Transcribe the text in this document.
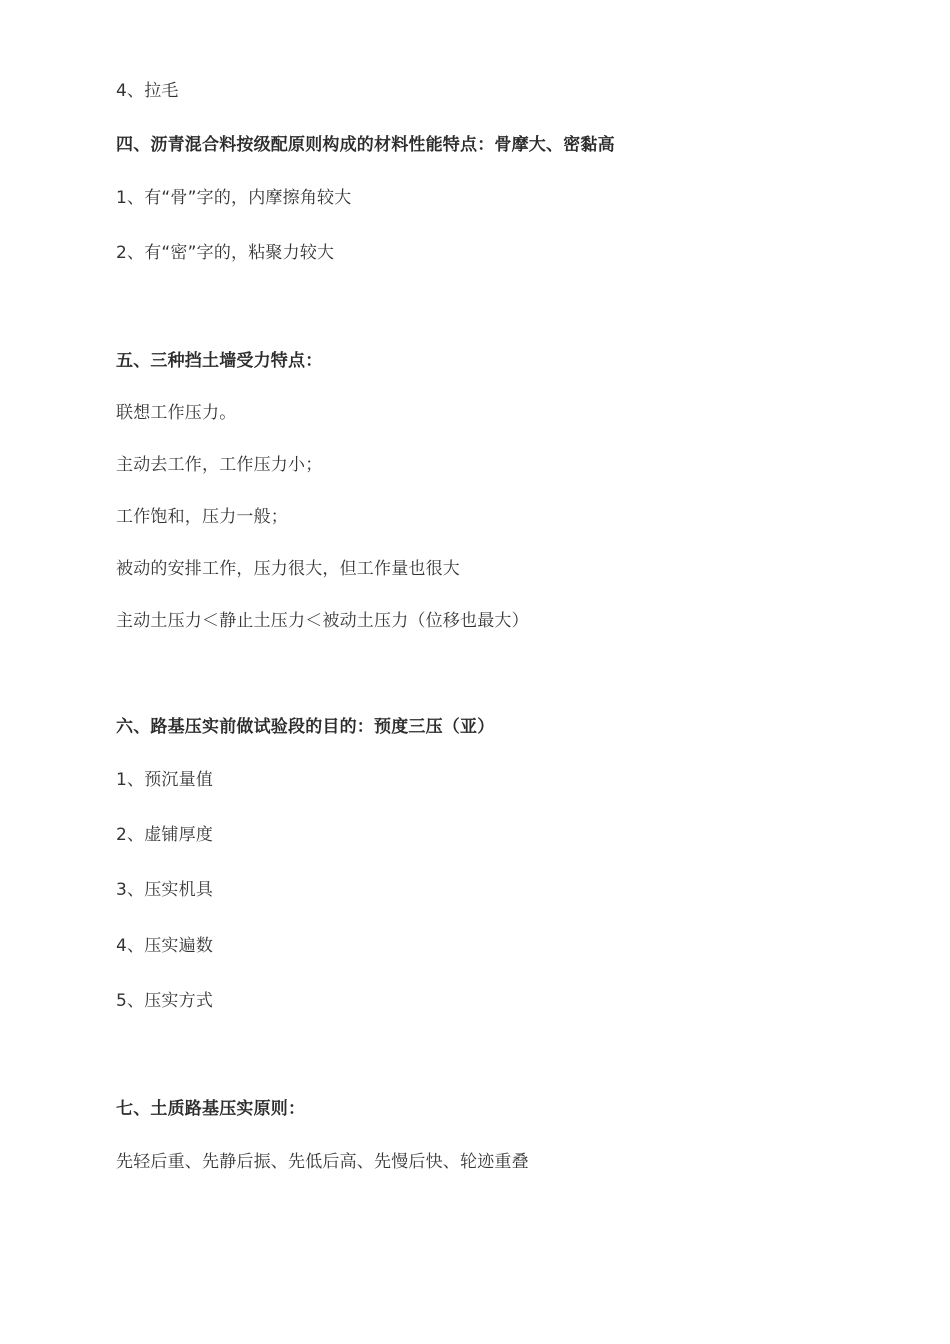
4、拉毛
四、沥青混合料按级配原则构成的材料性能特点：骨摩大、密黏高
1、有“骨”字的，内摩擦角较大
2、有“密”字的，粘聚力较大
五、三种挡土墙受力特点：
联想工作压力。
主动去工作，工作压力小；
工作饱和，压力一般；
被动的安排工作，压力很大，但工作量也很大
主动土压力＜静止土压力＜被动土压力（位移也最大）
六、路基压实前做试验段的目的：预度三压（亚）
1、预沉量值
2、虚铺厚度
3、压实机具
4、压实遍数
5、压实方式
七、土质路基压实原则：
先轻后重、先静后振、先低后高、先慢后快、轮迹重叠
